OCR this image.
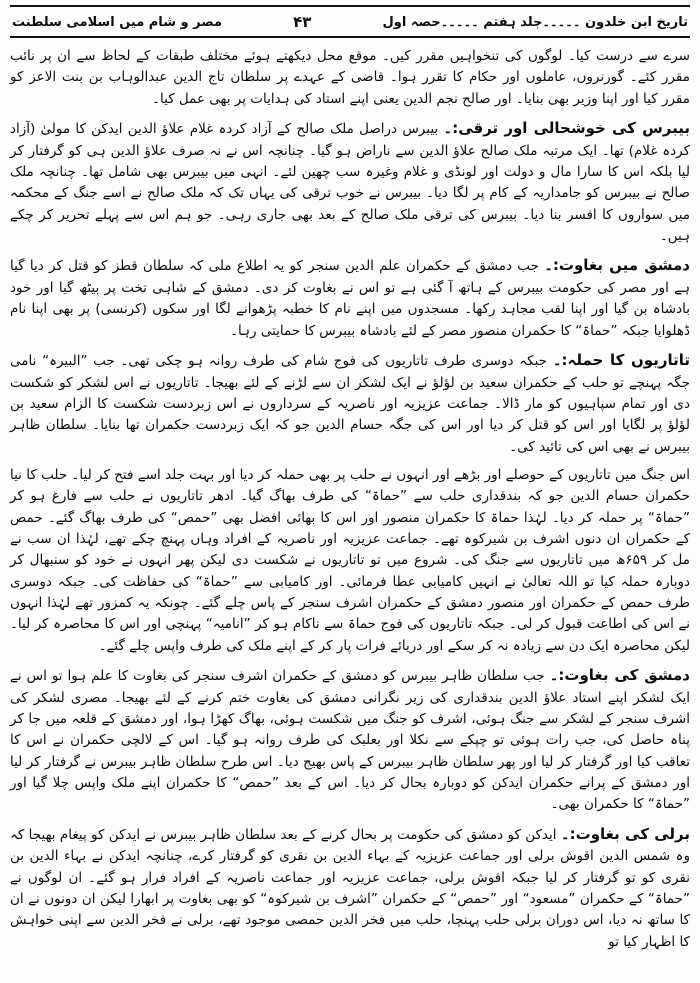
تاریخ ابن خلدون ۔۔۔۔۔جلد ہفتم ۔۔۔۔۔حصہ اول
۴۳
مصر و شام میں اسلامی سلطنت

سرے سے درست کیا۔ لوگوں کی تنخواہیں مقرر کیں۔ موقع محل دیکھتے ہوئے مختلف طبقات کے لحاظ سے ان پر نائب مقرر کئے۔ گورنروں، عاملوں اور حکام کا تقرر ہوا۔ قاضی کے عہدے پر سلطان تاج الدین عبدالوہاب بن بنت الاعز کو مقرر کیا اور اپنا وزیر بھی بنایا۔ اور صالح نجم الدین یعنی اپنے استاد کی ہدایات پر بھی عمل کیا۔

بیبرس کی خوشحالی اور ترقی:۔ بیبرس دراصل ملک صالح کے آزاد کردہ غلام علاؤ الدین ایدکن کا مولیٰ (آزاد کردہ غلام) تھا۔ ایک مرتبہ ملک صالح علاؤ الدین سے ناراض ہو گیا۔ چنانچہ اس نے نہ صرف علاؤ الدین ہی کو گرفتار کر لیا بلکہ اس کا سارا مال و دولت اور لونڈی و غلام وغیرہ سب چھین لئے۔ انہی میں بیبرس بھی شامل تھا۔ چنانچہ ملک صالح نے بیبرس کو جامداریہ کے کام پر لگا دیا۔ بیبرس نے خوب ترقی کی یہاں تک کہ ملک صالح نے اسے جنگ کے محکمہ میں سواروں کا افسر بنا دیا۔ بیبرس کی ترقی ملک صالح کے بعد بھی جاری رہی۔ جو ہم اس سے پہلے تحریر کر چکے ہیں۔

دمشق میں بغاوت:۔ جب دمشق کے حکمران علم الدین سنجر کو یہ اطلاع ملی کہ سلطان قطز کو قتل کر دیا گیا ہے اور مصر کی حکومت بیبرس کے ہاتھ آ گئی ہے تو اس نے بغاوت کر دی۔ دمشق کے شاہی تخت پر بیٹھ گیا اور خود بادشاہ بن گیا اور اپنا لقب مجاہد رکھا۔ مسجدوں میں اپنے نام کا خطبہ پڑھوانے لگا اور سکوں (کرنسی) پر بھی اپنا نام ڈھلوایا جبکہ ”حماۃ“ کا حکمران منصور مصر کے لئے بادشاہ بیبرس کا حمایتی رہا۔

تاتاریوں کا حملہ:۔ جبکہ دوسری طرف تاتاریوں کی فوج شام کی طرف روانہ ہو چکی تھی۔ جب ”البیرہ“ نامی جگہ پہنچے تو حلب کے حکمران سعید بن لؤلؤ نے ایک لشکر ان سے لڑنے کے لئے بھیجا۔ تاتاریوں نے اس لشکر کو شکست دی اور تمام سپاہیوں کو مار ڈالا۔ جماعت عزیزیہ اور ناصریہ کے سرداروں نے اس زبردست شکست کا الزام سعید بن لؤلؤ پر لگایا اور اس کو قتل کر دیا اور اس کی جگہ حسام الدین جو کہ ایک زبردست حکمران تھا بنایا۔ سلطان ظاہر بیبرس نے بھی اس کی تائید کی۔

اس جنگ میں تاتاریوں کے حوصلے اور بڑھے اور انہوں نے حلب پر بھی حملہ کر دیا اور بہت جلد اسے فتح کر لیا۔ حلب کا نیا حکمران حسام الدین جو کہ بندقداری حلب سے ”حماۃ“ کی طرف بھاگ گیا۔ ادھر تاتاریوں نے حلب سے فارغ ہو کر ”حماۃ“ پر حملہ کر دیا۔ لہٰذا حماۃ کا حکمران منصور اور اس کا بھائی افضل بھی ”حمص“ کی طرف بھاگ گئے۔ حمص کے حکمران ان دنوں اشرف بن شیرکوہ تھے۔ جماعت عزیزیہ اور ناصریہ کے افراد وہاں پہنچ چکے تھے، لہٰذا ان سب نے مل کر ۶۵۹ھ میں تاتاریوں سے جنگ کی۔ شروع میں تو تاتاریوں نے شکست دی لیکن پھر انہوں نے خود کو سنبھال کر دوبارہ حملہ کیا تو اللہ تعالیٰ نے انہیں کامیابی عطا فرمائی۔ اور کامیابی سے ”حماۃ“ کی حفاظت کی۔ جبکہ دوسری طرف حمص کے حکمران اور منصور دمشق کے حکمران اشرف سنجر کے پاس چلے گئے۔ چونکہ یہ کمزور تھے لہٰذا انہوں نے اس کی اطاعت قبول کر لی۔ جبکہ تاتاریوں کی فوج حماۃ سے ناکام ہو کر ”انامیہ“ پہنچی اور اس کا محاصرہ کر لیا۔ لیکن محاصرہ ایک دن سے زیادہ نہ کر سکے اور دریائے فرات پار کر کے اپنے ملک کی طرف واپس چلے گئے۔

دمشق کی بغاوت:۔ جب سلطان ظاہر بیبرس کو دمشق کے حکمران اشرف سنجر کی بغاوت کا علم ہوا تو اس نے ایک لشکر اپنے استاد علاؤ الدین بندقداری کی زیر نگرانی دمشق کی بغاوت ختم کرنے کے لئے بھیجا۔ مصری لشکر کی اشرف سنجر کے لشکر سے جنگ ہوئی، اشرف کو جنگ میں شکست ہوئی، بھاگ کھڑا ہوا، اور دمشق کے قلعہ میں جا کر پناہ حاصل کی، جب رات ہوئی تو چپکے سے نکلا اور بعلبک کی طرف روانہ ہو گیا۔ اس کے لالچی حکمران نے اس کا تعاقب کیا اور گرفتار کر لیا اور پھر سلطان ظاہر بیبرس کے پاس بھیج دیا۔ اس طرح سلطان ظاہر بیبرس نے گرفتار کر لیا اور دمشق کے پرانے حکمران ایدکن کو دوبارہ بحال کر دیا۔ اس کے بعد ”حمص“ کا حکمران اپنے ملک واپس چلا گیا اور ”حماۃ“ کا حکمران بھی۔

برلی کی بغاوت:۔ ایدکن کو دمشق کی حکومت پر بحال کرنے کے بعد سلطان ظاہر بیبرس نے ایدکن کو پیغام بھیجا کہ وہ شمس الدین اقوش برلی اور جماعت عزیزیہ کے بہاء الدین بن نقری کو گرفتار کرے، چنانچہ ایدکن نے بہاء الدین بن نقری کو تو گرفتار کر لیا جبکہ اقوش برلی، جماعت عزیزیہ اور جماعت ناصریہ کے افراد فرار ہو گئے۔ ان لوگوں نے ”حماۃ“ کے حکمران ”مسعود“ اور ”حمص“ کے حکمران ”اشرف بن شیرکوہ“ کو بھی بغاوت پر ابھارا لیکن ان دونوں نے ان کا ساتھ نہ دیا، اس دوران برلی حلب پہنچا، حلب میں فخر الدین حمصی موجود تھے، برلی نے فخر الدین سے اپنی خواہش کا اظہار کیا تو
